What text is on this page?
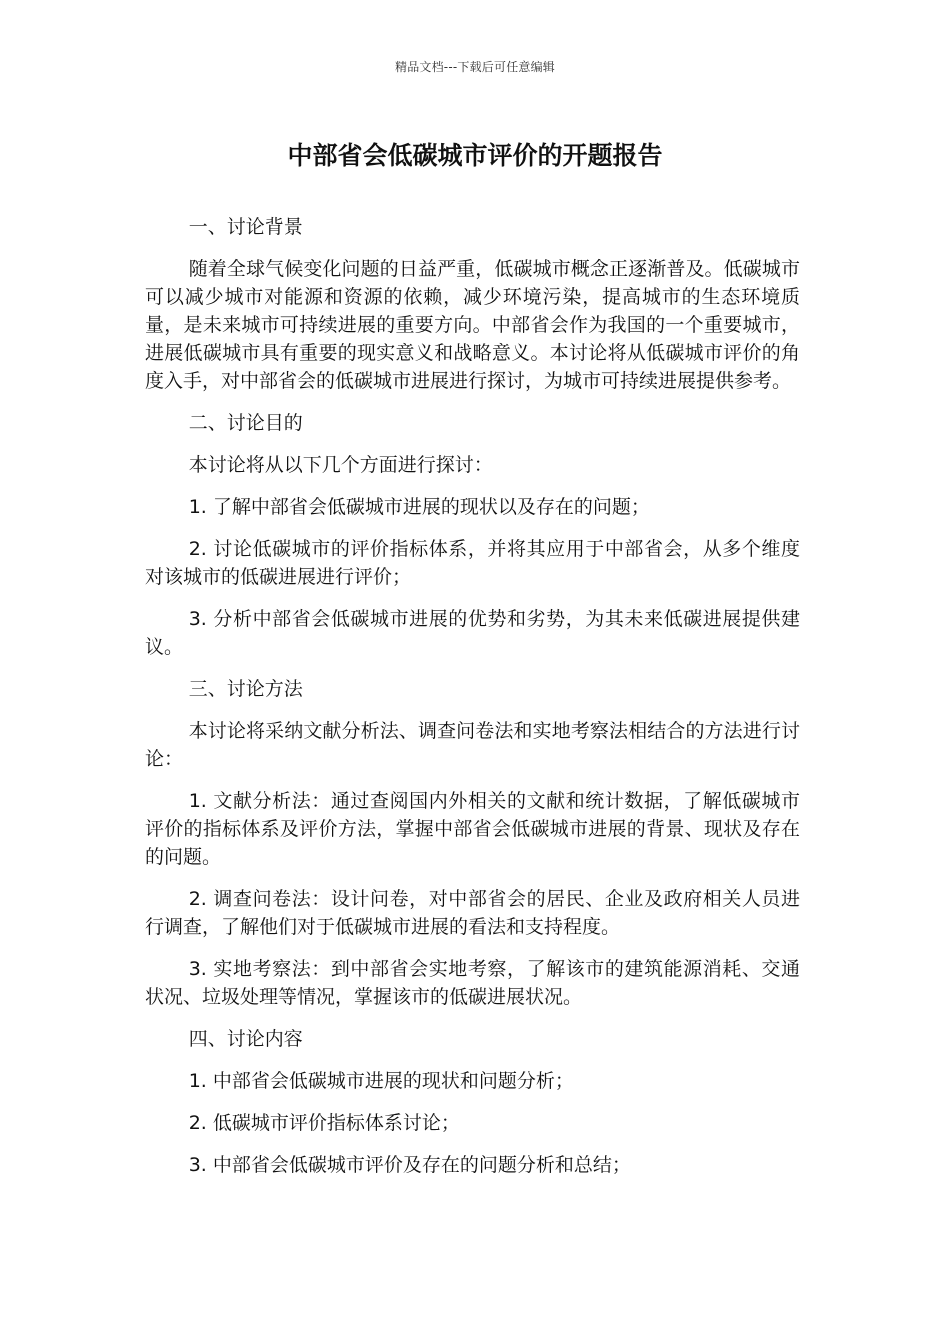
精品文档---下载后可任意编辑
中部省会低碳城市评价的开题报告

一、讨论背景

随着全球气候变化问题的日益严重，低碳城市概念正逐渐普及。低碳城市可以减少城市对能源和资源的依赖，减少环境污染，提高城市的生态环境质量，是未来城市可持续进展的重要方向。中部省会作为我国的一个重要城市，进展低碳城市具有重要的现实意义和战略意义。本讨论将从低碳城市评价的角度入手，对中部省会的低碳城市进展进行探讨，为城市可持续进展提供参考。

二、讨论目的

本讨论将从以下几个方面进行探讨：

1. 了解中部省会低碳城市进展的现状以及存在的问题；

2. 讨论低碳城市的评价指标体系，并将其应用于中部省会，从多个维度对该城市的低碳进展进行评价；

3. 分析中部省会低碳城市进展的优势和劣势，为其未来低碳进展提供建议。

三、讨论方法

本讨论将采纳文献分析法、调查问卷法和实地考察法相结合的方法进行讨论：

1. 文献分析法：通过查阅国内外相关的文献和统计数据，了解低碳城市评价的指标体系及评价方法，掌握中部省会低碳城市进展的背景、现状及存在的问题。

2. 调查问卷法：设计问卷，对中部省会的居民、企业及政府相关人员进行调查，了解他们对于低碳城市进展的看法和支持程度。

3. 实地考察法：到中部省会实地考察，了解该市的建筑能源消耗、交通状况、垃圾处理等情况，掌握该市的低碳进展状况。

四、讨论内容

1. 中部省会低碳城市进展的现状和问题分析；

2. 低碳城市评价指标体系讨论；

3. 中部省会低碳城市评价及存在的问题分析和总结；
